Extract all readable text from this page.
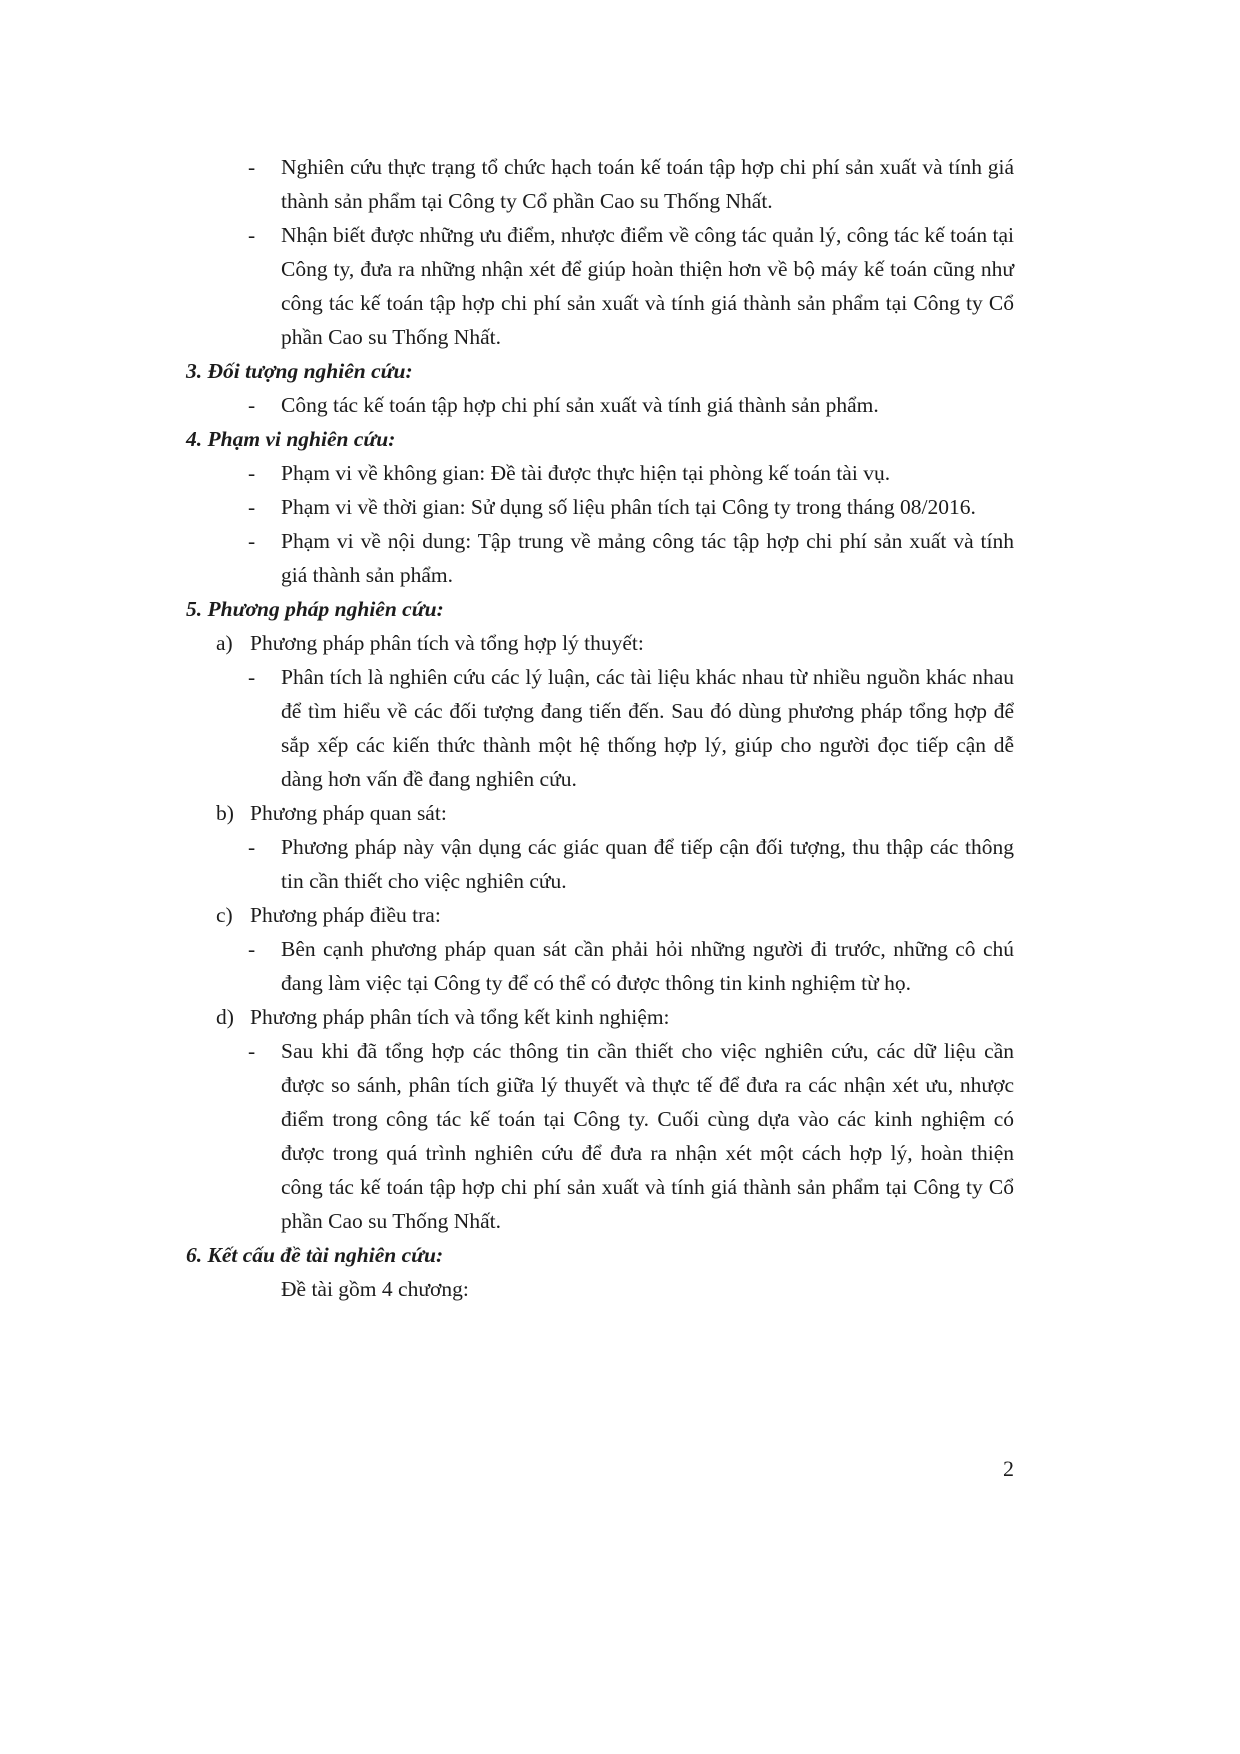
- Nghiên cứu thực trạng tổ chức hạch toán kế toán tập hợp chi phí sản xuất và tính giá thành sản phẩm tại Công ty Cổ phần Cao su Thống Nhất.
- Nhận biết được những ưu điểm, nhược điểm về công tác quản lý, công tác kế toán tại Công ty, đưa ra những nhận xét để giúp hoàn thiện hơn về bộ máy kế toán cũng như công tác kế toán tập hợp chi phí sản xuất và tính giá thành sản phẩm tại Công ty Cổ phần Cao su Thống Nhất.
3. Đối tượng nghiên cứu:
- Công tác kế toán tập hợp chi phí sản xuất và tính giá thành sản phẩm.
4. Phạm vi nghiên cứu:
- Phạm vi về không gian: Đề tài được thực hiện tại phòng kế toán tài vụ.
- Phạm vi về thời gian: Sử dụng số liệu phân tích tại Công ty trong tháng 08/2016.
- Phạm vi về nội dung: Tập trung về mảng công tác tập hợp chi phí sản xuất và tính giá thành sản phẩm.
5. Phương pháp nghiên cứu:
a) Phương pháp phân tích và tổng hợp lý thuyết:
- Phân tích là nghiên cứu các lý luận, các tài liệu khác nhau từ nhiều nguồn khác nhau để tìm hiểu về các đối tượng đang tiến đến. Sau đó dùng phương pháp tổng hợp để sắp xếp các kiến thức thành một hệ thống hợp lý, giúp cho người đọc tiếp cận dễ dàng hơn vấn đề đang nghiên cứu.
b) Phương pháp quan sát:
- Phương pháp này vận dụng các giác quan để tiếp cận đối tượng, thu thập các thông tin cần thiết cho việc nghiên cứu.
c) Phương pháp điều tra:
- Bên cạnh phương pháp quan sát cần phải hỏi những người đi trước, những cô chú đang làm việc tại Công ty để có thể có được thông tin kinh nghiệm từ họ.
d) Phương pháp phân tích và tổng kết kinh nghiệm:
- Sau khi đã tổng hợp các thông tin cần thiết cho việc nghiên cứu, các dữ liệu cần được so sánh, phân tích giữa lý thuyết và thực tế để đưa ra các nhận xét ưu, nhược điểm trong công tác kế toán tại Công ty. Cuối cùng dựa vào các kinh nghiệm có được trong quá trình nghiên cứu để đưa ra nhận xét một cách hợp lý, hoàn thiện công tác kế toán tập hợp chi phí sản xuất và tính giá thành sản phẩm tại Công ty Cổ phần Cao su Thống Nhất.
6. Kết cấu đề tài nghiên cứu:
Đề tài gồm 4 chương:
2
